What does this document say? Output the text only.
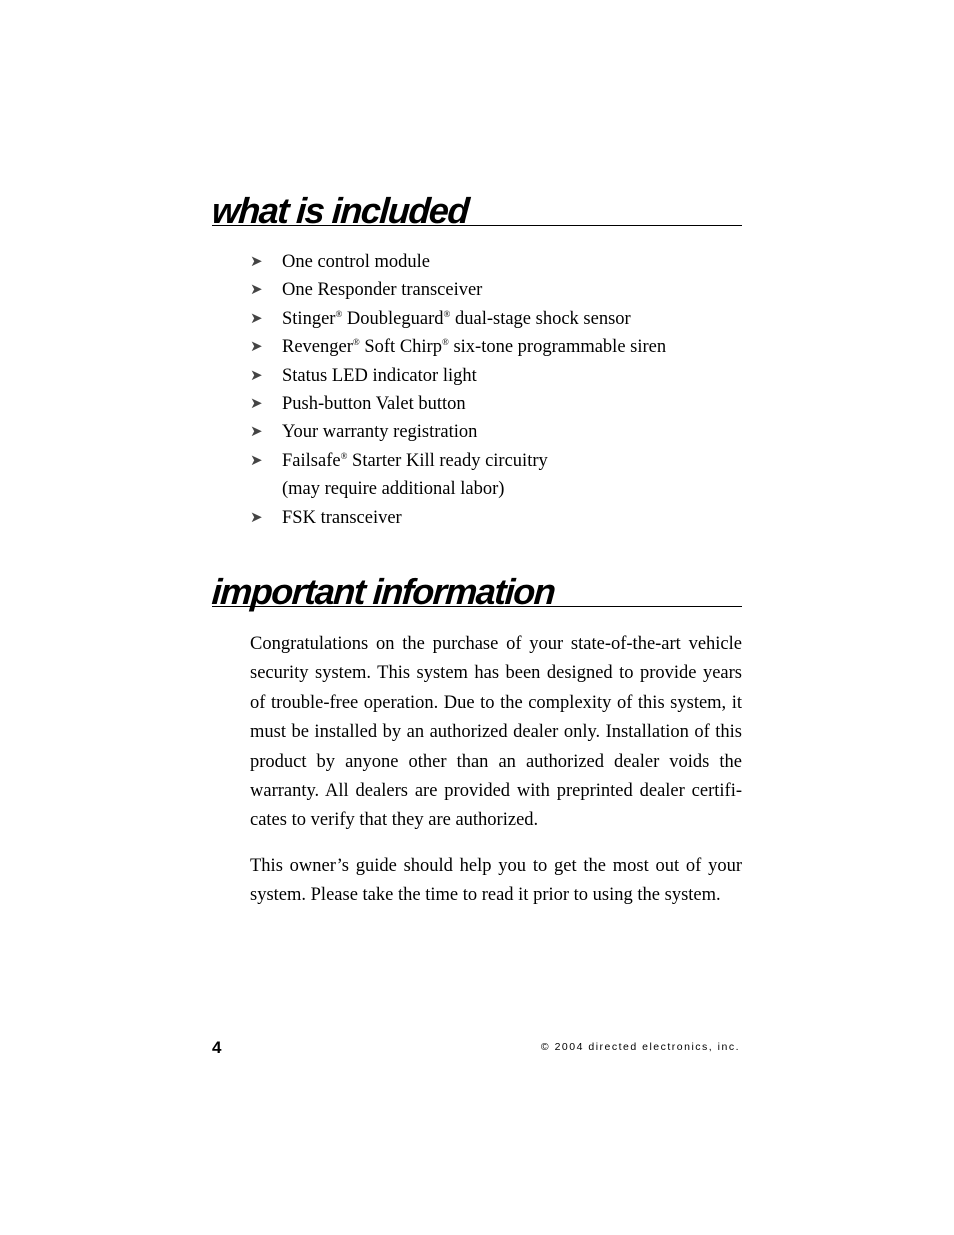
what is included
➤ One control module
➤ One Responder transceiver
➤ Stinger® Doubleguard® dual-stage shock sensor
➤ Revenger® Soft Chirp® six-tone programmable siren
➤ Status LED indicator light
➤ Push-button Valet button
➤ Your warranty registration
➤ Failsafe® Starter Kill ready circuitry
(may require additional labor)
➤ FSK transceiver
important information

Congratulations on the purchase of your state-of-the-art vehicle security system. This system has been designed to provide years of trouble-free operation. Due to the complexity of this system, it must be installed by an authorized dealer only. Installation of this product by anyone other than an authorized dealer voids the warranty. All dealers are provided with preprinted dealer certifi- cates to verify that they are authorized.

This owner’s guide should help you to get the most out of your system. Please take the time to read it prior to using the system.

4	© 2004 directed electronics, inc.
